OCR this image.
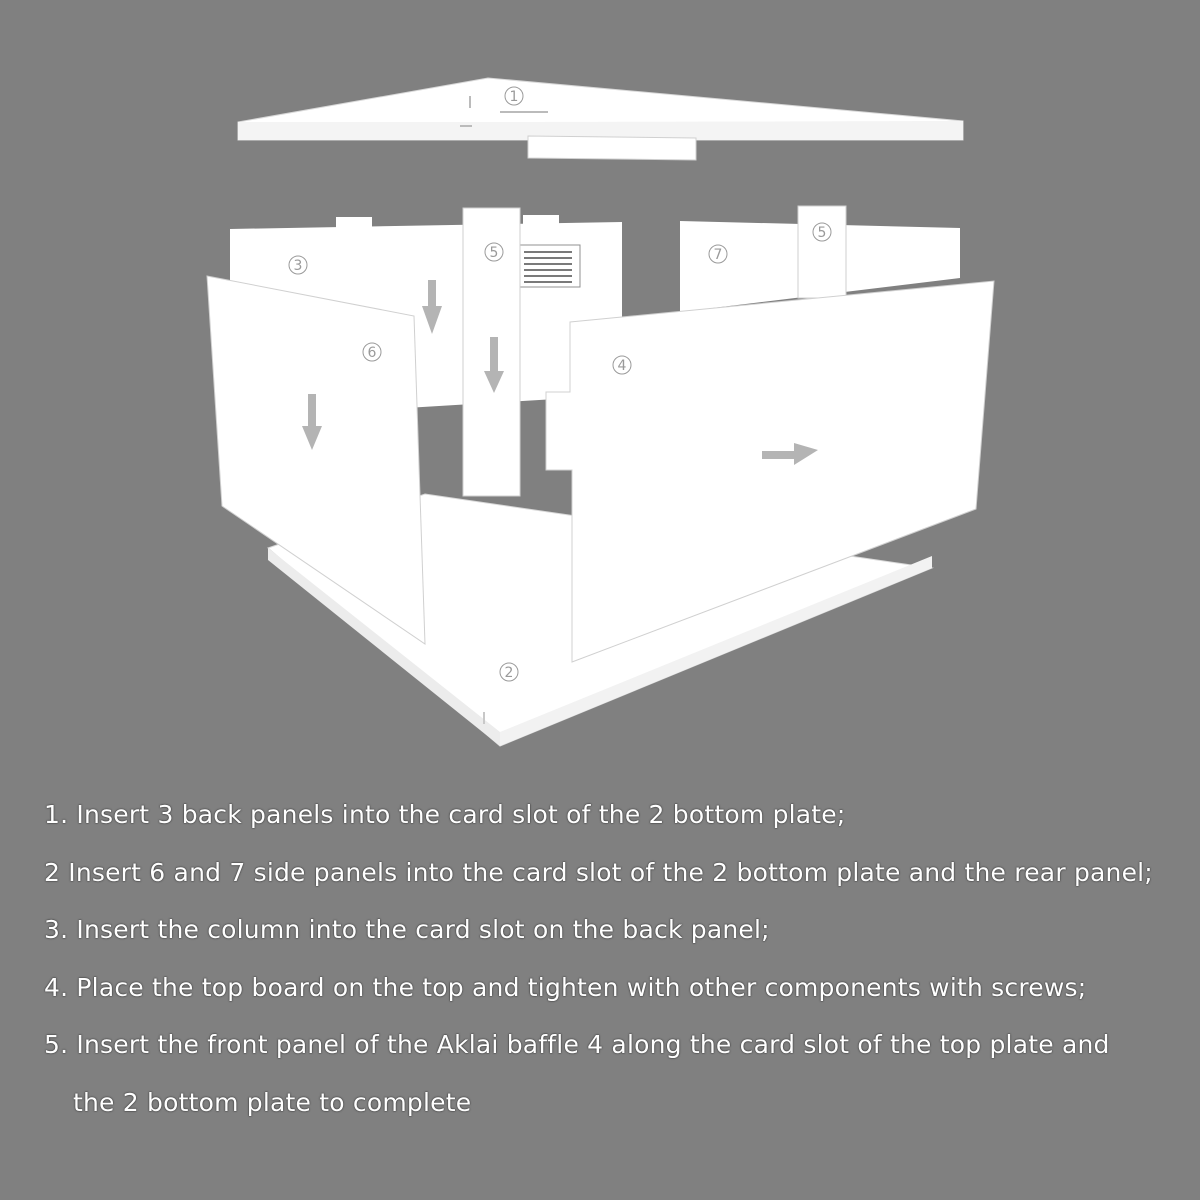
1
2
3
4
5
5
6
7
1. Insert 3 back panels into the card slot of the 2 bottom plate;
2 Insert 6 and 7 side panels into the card slot of the 2 bottom plate and the rear panel;
3. Insert the column into the card slot on the back panel;
4. Place the top board on the top and tighten with other components with screws;
5. Insert the front panel of the Aklai baffle 4 along the card slot of the top plate and
the 2 bottom plate to complete
